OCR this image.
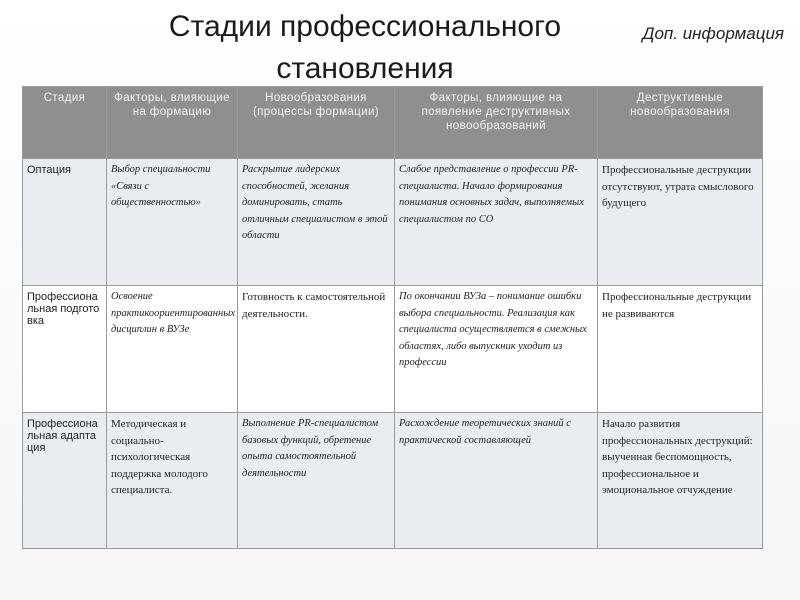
Стадии профессионального становления
Доп. информация
Стадия	Факторы, влияющие на формацию	Новообразования (процессы формации)	Факторы, влияющие на появление деструктивных новообразований	Деструктивные новообразования
Оптация	Выбор специальности «Связи с общественностью»	Раскрытие лидерских способностей, желания доминировать, стать отличным специалистом в этой области	Слабое представление о профессии PR-специалиста. Начало формирования понимания основных задач, выполняемых специалистом по СО	Профессиональные деструкции отсутствуют, утрата смыслового будущего
Профессиональная подготовка	Освоение практикоориентированных дисциплин в ВУЗе	Готовность к самостоятельной деятельности.	По окончании ВУЗа – понимание ошибки выбора специальности. Реализация как специалиста осуществляется в смежных областях, либо выпускник уходит из профессии	Профессиональные деструкции не развиваются
Профессиональная адаптация	Методическая и социально-психологическая поддержка молодого специалиста.	Выполнение PR-специалистом базовых функций, обретение опыта самостоятельной деятельности	Расхождение теоретических знаний с практической составляющей	Начало развития профессиональных деструкций: выученная беспомощность, профессиональное и эмоциональное отчуждение
